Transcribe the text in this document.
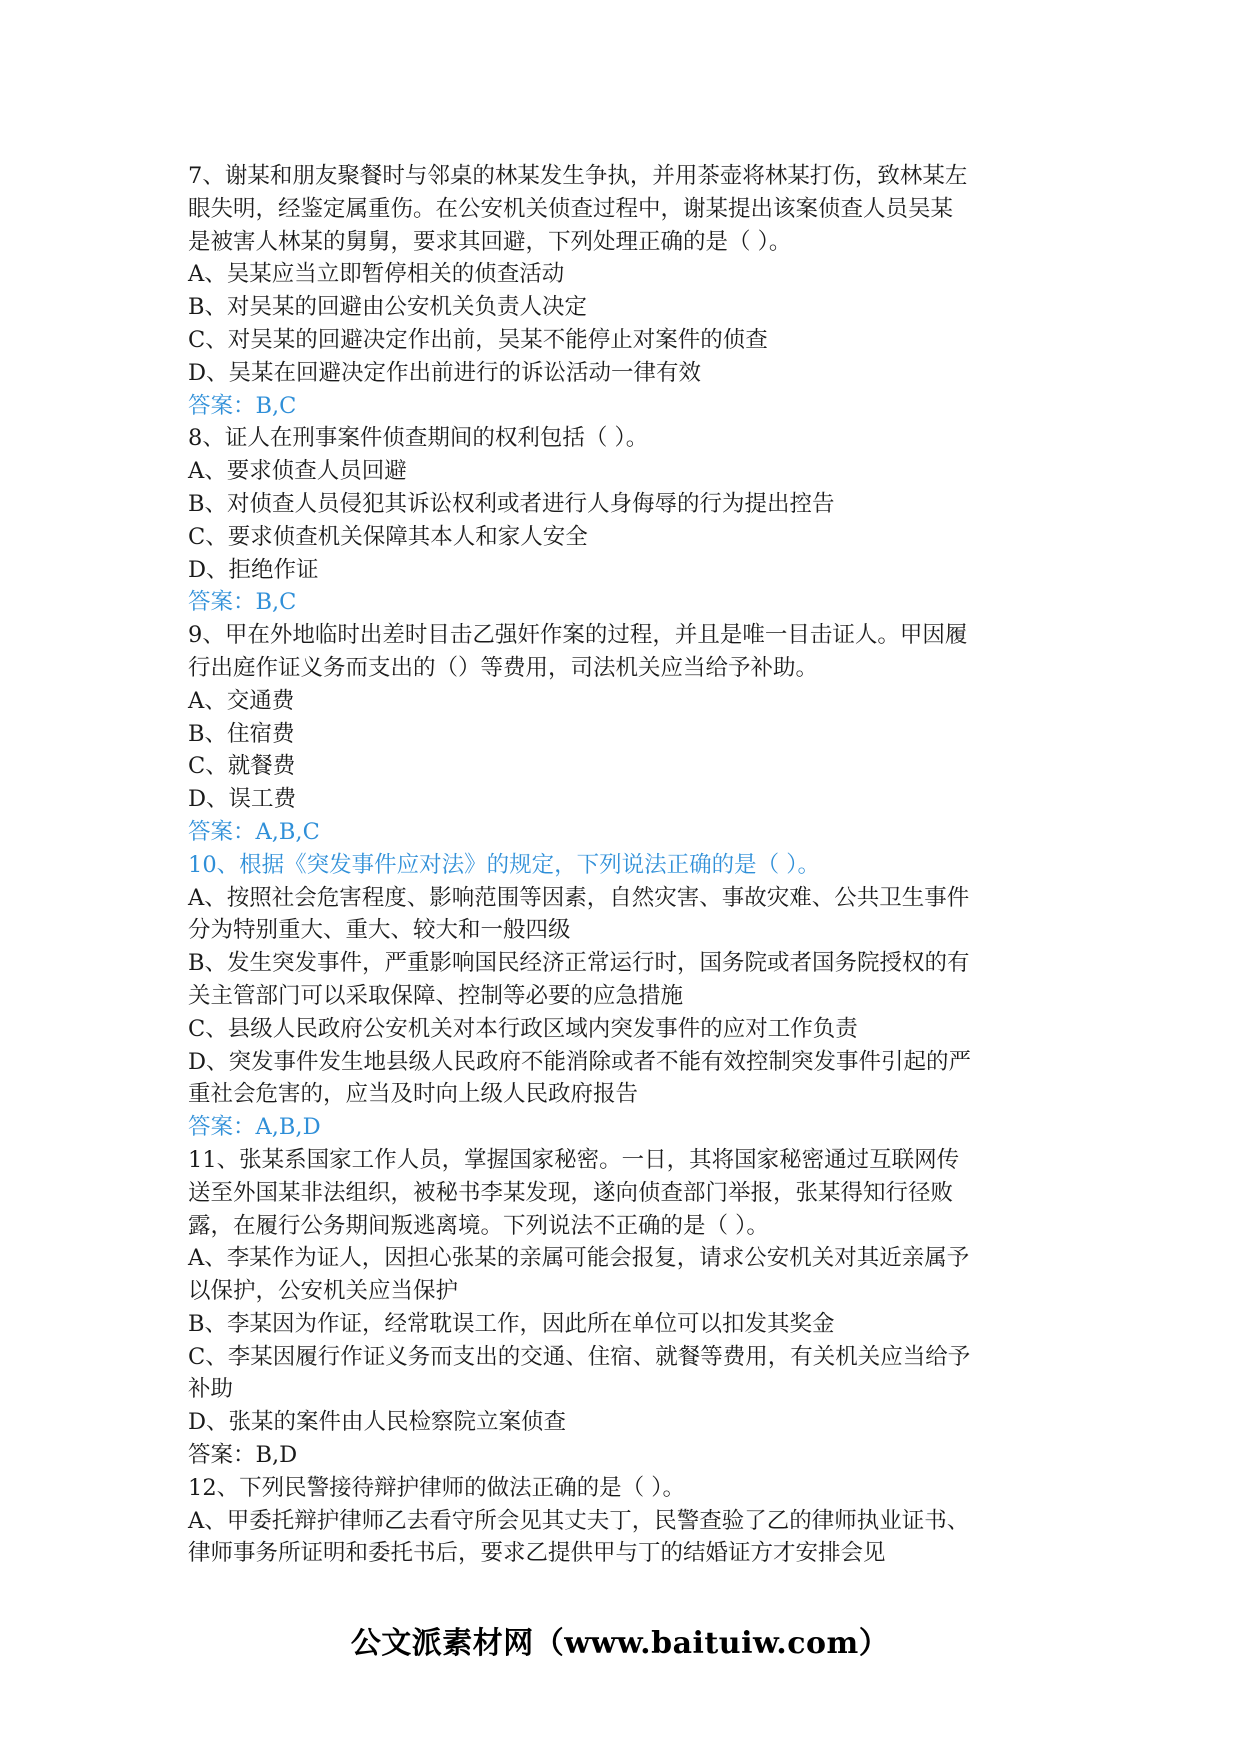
7、谢某和朋友聚餐时与邻桌的林某发生争执，并用茶壶将林某打伤，致林某左
眼失明，经鉴定属重伤。在公安机关侦查过程中，谢某提出该案侦查人员吴某
是被害人林某的舅舅，要求其回避，下列处理正确的是（ ）。
A、吴某应当立即暂停相关的侦查活动
B、对吴某的回避由公安机关负责人决定
C、对吴某的回避决定作出前，吴某不能停止对案件的侦查
D、吴某在回避决定作出前进行的诉讼活动一律有效
答案：B,C
8、证人在刑事案件侦查期间的权利包括（ ）。
A、要求侦查人员回避
B、对侦查人员侵犯其诉讼权利或者进行人身侮辱的行为提出控告
C、要求侦查机关保障其本人和家人安全
D、拒绝作证
答案：B,C
9、甲在外地临时出差时目击乙强奸作案的过程，并且是唯一目击证人。甲因履
行出庭作证义务而支出的（）等费用，司法机关应当给予补助。
A、交通费
B、住宿费
C、就餐费
D、误工费
答案：A,B,C
10、根据《突发事件应对法》的规定，下列说法正确的是（ ）。
A、按照社会危害程度、影响范围等因素，自然灾害、事故灾难、公共卫生事件
分为特别重大、重大、较大和一般四级
B、发生突发事件，严重影响国民经济正常运行时，国务院或者国务院授权的有
关主管部门可以采取保障、控制等必要的应急措施
C、县级人民政府公安机关对本行政区域内突发事件的应对工作负责
D、突发事件发生地县级人民政府不能消除或者不能有效控制突发事件引起的严
重社会危害的，应当及时向上级人民政府报告
答案：A,B,D
11、张某系国家工作人员，掌握国家秘密。一日，其将国家秘密通过互联网传
送至外国某非法组织，被秘书李某发现，遂向侦查部门举报，张某得知行径败
露，在履行公务期间叛逃离境。下列说法不正确的是（ ）。
A、李某作为证人，因担心张某的亲属可能会报复，请求公安机关对其近亲属予
以保护，公安机关应当保护
B、李某因为作证，经常耽误工作，因此所在单位可以扣发其奖金
C、李某因履行作证义务而支出的交通、住宿、就餐等费用，有关机关应当给予
补助
D、张某的案件由人民检察院立案侦查
答案：B,D
12、下列民警接待辩护律师的做法正确的是（ ）。
A、甲委托辩护律师乙去看守所会见其丈夫丁，民警查验了乙的律师执业证书、
律师事务所证明和委托书后，要求乙提供甲与丁的结婚证方才安排会见
公文派素材网（www.baituiw.com）
